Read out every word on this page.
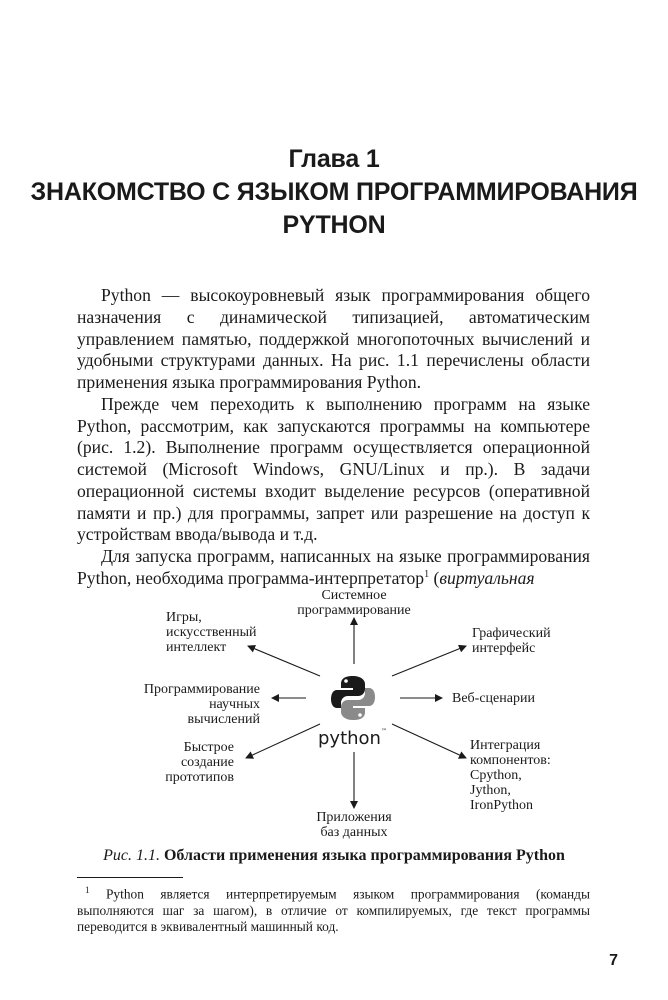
Глава 1
ЗНАКОМСТВО С ЯЗЫКОМ ПРОГРАММИРОВАНИЯ
PYTHON

Python — высокоуровневый язык программирования общего назначения с динамической типизацией, автоматическим управлением памятью, поддержкой многопоточных вычислений и удобными структурами данных. На рис. 1.1 перечислены области применения языка программирования Python.

Прежде чем переходить к выполнению программ на языке Python, рассмотрим, как запускаются программы на компьютере (рис. 1.2). Выполнение программ осуществляется операционной системой (Microsoft Windows, GNU/Linux и пр.). В задачи операционной системы входит выделение ресурсов (оперативной памяти и пр.) для программы, запрет или разрешение на доступ к устройствам ввода/вывода и т.д.

Для запуска программ, написанных на языке программирования Python, необходима программа-интерпретатор$^1$ (виртуальная

python™
Системное
программирование
Игры,
искусственный
интеллект
Графический
интерфейс
Программирование
научных
вычислений
Веб-сценарии
Быстрое
создание
прототипов
Интеграция
компонентов:
Cpython,
Jython,
IronPython
Приложения
баз данных
Рис. 1.1. Области применения языка программирования Python

$^1$ Python является интерпретируемым языком программирования (команды выполняются шаг за шагом), в отличие от компилируемых, где текст программы переводится в эквивалентный машинный код.

7
